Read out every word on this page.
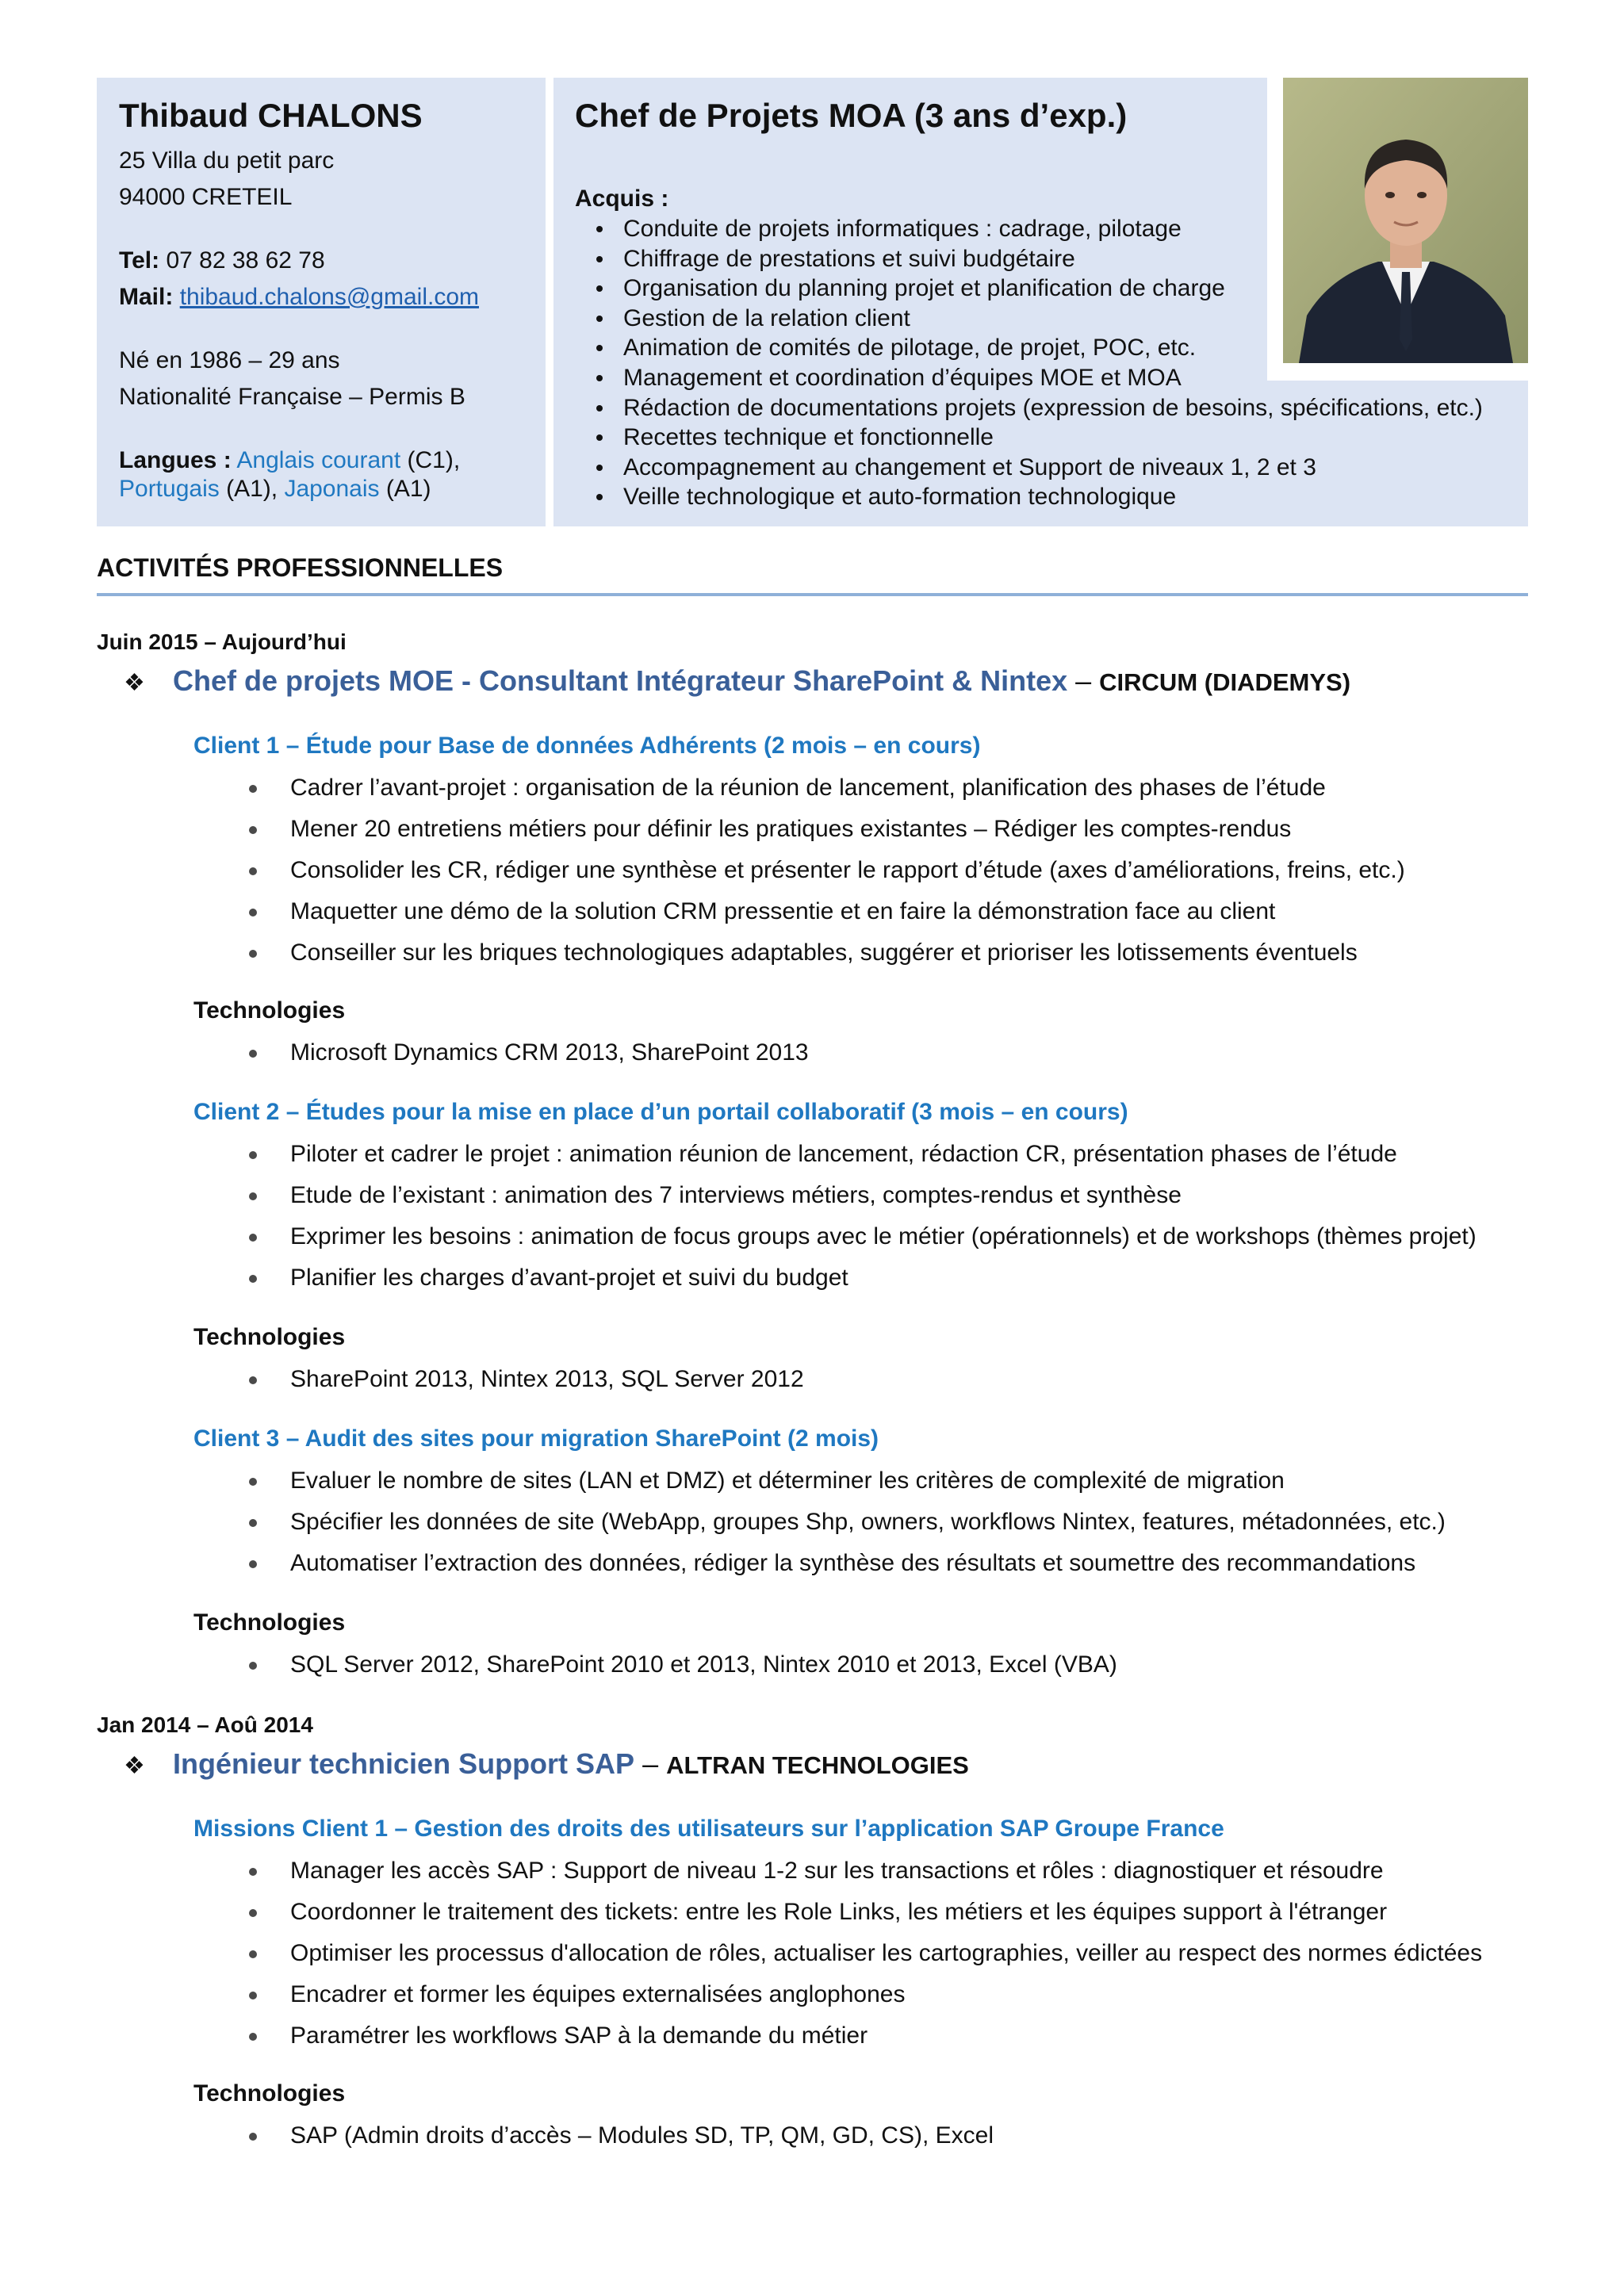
Thibaud CHALONS
25 Villa du petit parc
94000 CRETEIL
Tel: 07 82 38 62 78
Mail: thibaud.chalons@gmail.com
Né en 1986 – 29 ans
Nationalité Française – Permis B
Langues : Anglais courant (C1),
Portugais (A1), Japonais (A1)
Chef de Projets MOA (3 ans d’exp.)
Acquis :
Conduite de projets informatiques : cadrage, pilotage
Chiffrage de prestations et suivi budgétaire
Organisation du planning projet et planification de charge
Gestion de la relation client
Animation de comités de pilotage, de projet, POC, etc.
Management et coordination d’équipes MOE et MOA
Rédaction de documentations projets (expression de besoins, spécifications, etc.)
Recettes technique et fonctionnelle
Accompagnement au changement et Support de niveaux 1, 2 et 3
Veille technologique et auto-formation technologique
ACTIVITÉS PROFESSIONNELLES
Juin 2015 – Aujourd’hui
❖ Chef de projets MOE - Consultant Intégrateur SharePoint & Nintex – CIRCUM (DIADEMYS)
Client 1 – Étude pour Base de données Adhérents (2 mois – en cours)
Cadrer l’avant-projet : organisation de la réunion de lancement, planification des phases de l’étude
Mener 20 entretiens métiers pour définir les pratiques existantes – Rédiger les comptes-rendus
Consolider les CR, rédiger une synthèse et présenter le rapport d’étude (axes d’améliorations, freins, etc.)
Maquetter une démo de la solution CRM pressentie et en faire la démonstration face au client
Conseiller sur les briques technologiques adaptables, suggérer et prioriser les lotissements éventuels
Technologies
Microsoft Dynamics CRM 2013, SharePoint 2013
Client 2 – Études pour la mise en place d’un portail collaboratif (3 mois – en cours)
Piloter et cadrer le projet : animation réunion de lancement, rédaction CR, présentation phases de l’étude
Etude de l’existant : animation des 7 interviews métiers, comptes-rendus et synthèse
Exprimer les besoins : animation de focus groups avec le métier (opérationnels) et de workshops (thèmes projet)
Planifier les charges d’avant-projet et suivi du budget
Technologies
SharePoint 2013, Nintex 2013, SQL Server 2012
Client 3 – Audit des sites pour migration SharePoint (2 mois)
Evaluer le nombre de sites (LAN et DMZ) et déterminer les critères de complexité de migration
Spécifier les données de site (WebApp, groupes Shp, owners, workflows Nintex, features, métadonnées, etc.)
Automatiser l’extraction des données, rédiger la synthèse des résultats et soumettre des recommandations
Technologies
SQL Server 2012, SharePoint 2010 et 2013, Nintex 2010 et 2013, Excel (VBA)
Jan 2014 – Aoû 2014
❖ Ingénieur technicien Support SAP – ALTRAN TECHNOLOGIES
Missions Client 1 – Gestion des droits des utilisateurs sur l’application SAP Groupe France
Manager les accès SAP : Support de niveau 1-2 sur les transactions et rôles : diagnostiquer et résoudre
Coordonner le traitement des tickets: entre les Role Links, les métiers et les équipes support à l'étranger
Optimiser les processus d'allocation de rôles, actualiser les cartographies, veiller au respect des normes édictées
Encadrer et former les équipes externalisées anglophones
Paramétrer les workflows SAP à la demande du métier
Technologies
SAP (Admin droits d’accès – Modules SD, TP, QM, GD, CS), Excel
